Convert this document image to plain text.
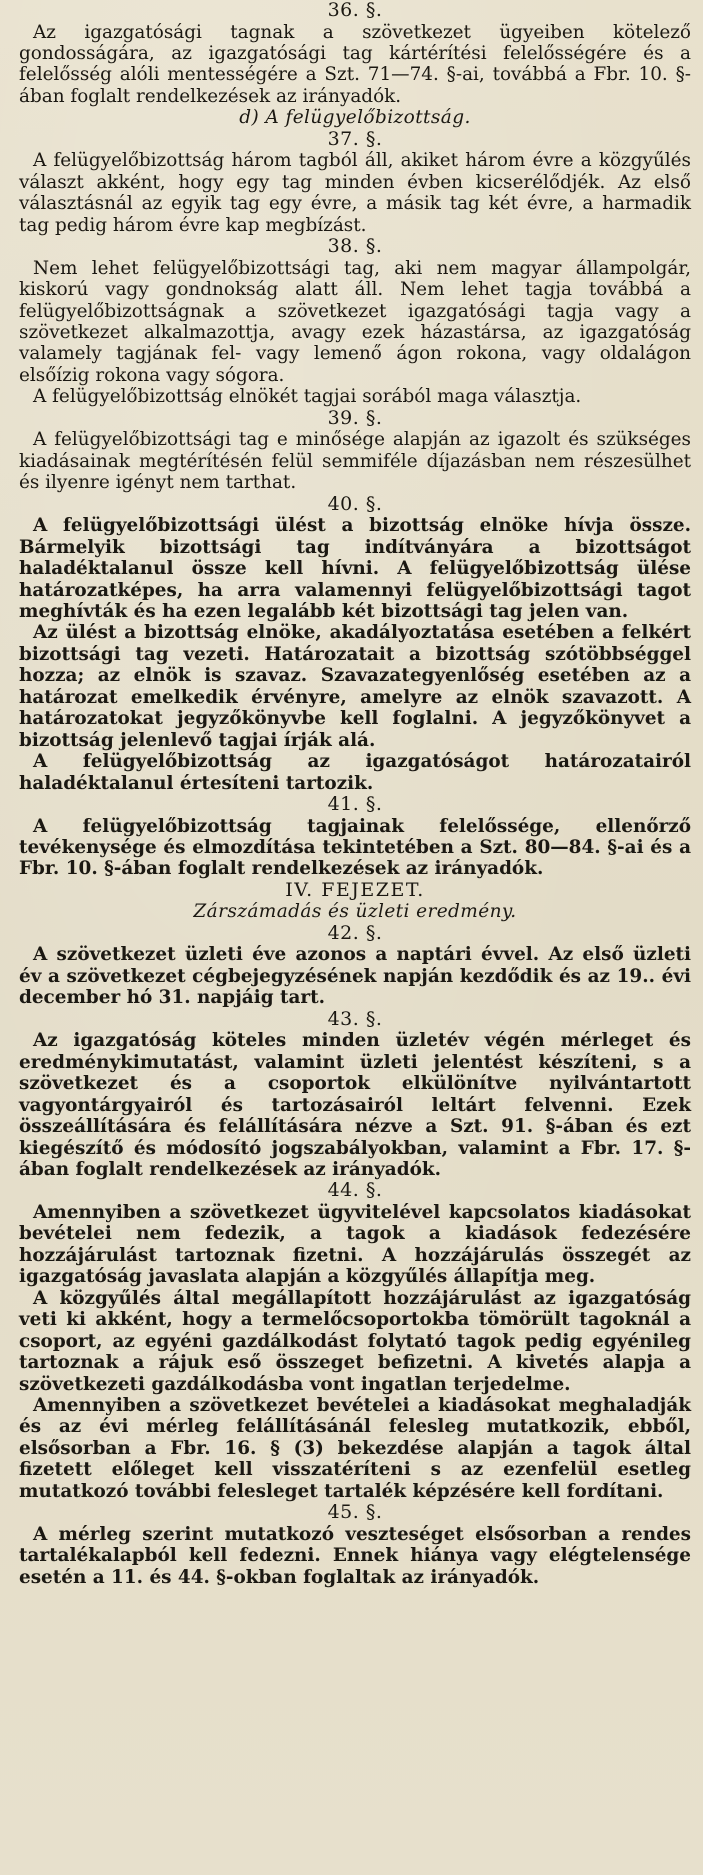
36. §.

Az igazgatósági tagnak a szövetkezet ügyeiben kötelező gondosságára, az igazgatósági tag kártérítési felelősségére és a felelősség alóli mentességére a Szt. 71—74. §-ai, továbbá a Fbr. 10. §-ában foglalt rendelkezések az irányadók.

d) A felügyelőbizottság.

37. §.

A felügyelőbizottság három tagból áll, akiket három évre a közgyűlés választ akként, hogy egy tag minden évben kicserélődjék. Az első választásnál az egyik tag egy évre, a másik tag két évre, a harmadik tag pedig három évre kap megbízást.

38. §.

Nem lehet felügyelőbizottsági tag, aki nem magyar állampolgár, kiskorú vagy gondnokság alatt áll. Nem lehet tagja továbbá a felügyelőbizottságnak a szövetkezet igazgatósági tagja vagy a szövetkezet alkalmazottja, avagy ezek házastársa, az igazgatóság valamely tagjának fel- vagy lemenő ágon rokona, vagy oldalágon elsőízig rokona vagy sógora.

A felügyelőbizottság elnökét tagjai sorából maga választja.

39. §.

A felügyelőbizottsági tag e minősége alapján az igazolt és szükséges kiadásainak megtérítésén felül semmiféle díjazásban nem részesülhet és ilyenre igényt nem tarthat.

40. §.

A felügyelőbizottsági ülést a bizottság elnöke hívja össze. Bármelyik bizottsági tag indítványára a bizottságot haladéktalanul össze kell hívni. A felügyelőbizottság ülése határozatképes, ha arra valamennyi felügyelőbizottsági tagot meghívták és ha ezen legalább két bizottsági tag jelen van.

Az ülést a bizottság elnöke, akadályoztatása esetében a felkért bizottsági tag vezeti. Határozatait a bizottság szótöbbséggel hozza; az elnök is szavaz. Szavazategyenlőség esetében az a határozat emelkedik érvényre, amelyre az elnök szavazott. A határozatokat jegyzőkönyvbe kell foglalni. A jegyzőkönyvet a bizottság jelenlevő tagjai írják alá.

A felügyelőbizottság az igazgatóságot határozatairól haladéktalanul értesíteni tartozik.

41. §.

A felügyelőbizottság tagjainak felelőssége, ellenőrző tevékenysége és elmozdítása tekintetében a Szt. 80—84. §-ai és a Fbr. 10. §-ában foglalt rendelkezések az irányadók.

IV. FEJEZET.

Zárszámadás és üzleti eredmény.

42. §.

A szövetkezet üzleti éve azonos a naptári évvel. Az első üzleti év a szövetkezet cégbejegyzésének napján kezdődik és az 19.. évi december hó 31. napjáig tart.

43. §.

Az igazgatóság köteles minden üzletév végén mérleget és eredménykimutatást, valamint üzleti jelentést készíteni, s a szövetkezet és a csoportok elkülönítve nyilvántartott vagyontárgyairól és tartozásairól leltárt felvenni. Ezek összeállítására és felállítására nézve a Szt. 91. §-ában és ezt kiegészítő és módosító jogszabályokban, valamint a Fbr. 17. §-ában foglalt rendelkezések az irányadók.

44. §.

Amennyiben a szövetkezet ügyvitelével kapcsolatos kiadásokat bevételei nem fedezik, a tagok a kiadások fedezésére hozzájárulást tartoznak fizetni. A hozzájárulás összegét az igazgatóság javaslata alapján a közgyűlés állapítja meg.

A közgyűlés által megállapított hozzájárulást az igazgatóság veti ki akként, hogy a termelőcsoportokba tömörült tagoknál a csoport, az egyéni gazdálkodást folytató tagok pedig egyénileg tartoznak a rájuk eső összeget befizetni. A kivetés alapja a szövetkezeti gazdálkodásba vont ingatlan terjedelme.

Amennyiben a szövetkezet bevételei a kiadásokat meghaladják és az évi mérleg felállításánál felesleg mutatkozik, ebből, elsősorban a Fbr. 16. § (3) bekezdése alapján a tagok által fizetett előleget kell visszatéríteni s az ezenfelül esetleg mutatkozó további felesleget tartalék képzésére kell fordítani.

45. §.

A mérleg szerint mutatkozó veszteséget elsősorban a rendes tartalékalapból kell fedezni. Ennek hiánya vagy elégtelensége esetén a 11. és 44. §-okban foglaltak az irányadók.
